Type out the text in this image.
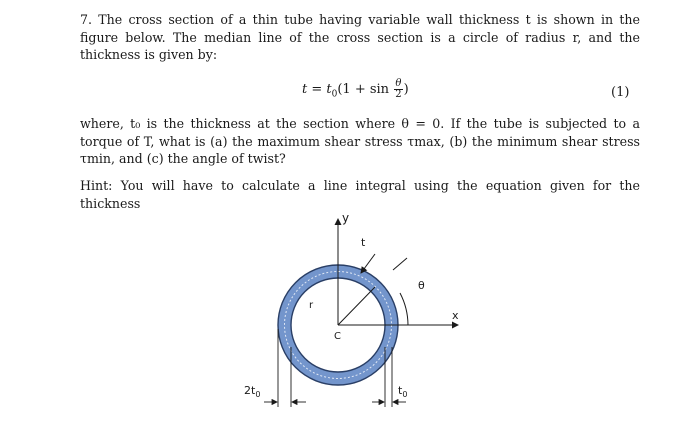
7. The cross section of a thin tube having variable wall thickness t is shown in the figure below. The median line of the cross section is a circle of radius r, and the thickness is given by:
$t = t_0(1 + \sin \frac{\theta}{2}$ )	(1)
where, t₀ is the thickness at the section where θ = 0. If the tube is subjected to a torque of T, what is (a) the maximum shear stress τmax, (b) the minimum shear stress τmin, and (c) the angle of twist?
Hint: You will have to calculate a line integral using the equation given for the thickness
y
x
r
t
θ
C
$2t_0$	$t_0$
